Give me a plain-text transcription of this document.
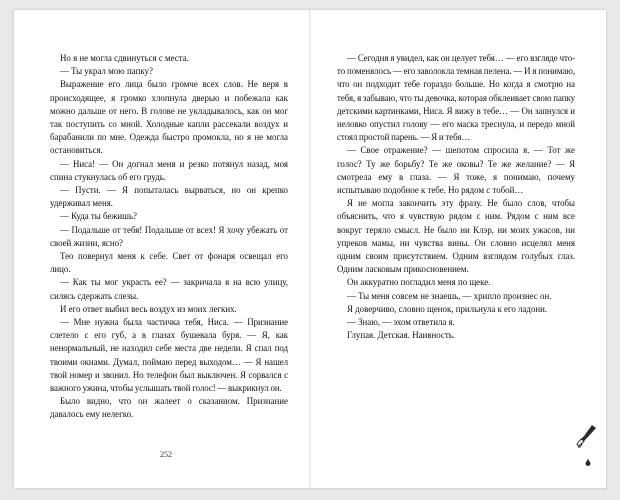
Но я не могла сдвинуться с места.

— Ты украл мою папку?

Выражение его лица было громче всех слов. Не веря в происходящее, я громко хлопнула дверью и побежала как можно дальше от него. В голове не укладывалось, как он мог так поступить со мной. Холодные капли рассекали воздух и барабанили по мне. Одежда быстро промокла, но я не могла остановиться.

— Ниса! — Он догнал меня и резко потянул назад, моя спина стукнулась об его грудь.

— Пусти. — Я попыталась вырваться, но он крепко удерживал меня.

— Куда ты бежишь?

— Подальше от тебя! Подальше от всех! Я хочу убежать от своей жизни, ясно?

Тео повернул меня к себе. Свет от фонаря освещал его лицо.

— Как ты мог украсть ее? — закричала я на всю улицу, силясь сдержать слезы.

И его ответ выбил весь воздух из моих легких.

— Мне нужна была частичка тебя, Ниса. — Признание слетело с его губ, а в глазах бушевала буря. — Я, как ненормальный, не находил себе места две недели. Я спал под твоими окнами. Думал, поймаю перед выходом… — Я нашел твой номер и звонил. Но телефон был выключен. Я сорвался с важного ужина, чтобы услышать твой голос! — выкрикнул он.

Было видно, что он жалеет о сказанном. Признание давалось ему нелегко.

252

— Сегодня я увидел, как он целует тебя… — его взгляде что-то поменялось — его заволокла темная пелена. — И я понимаю, что он подходит тебе гораздо больше. Но когда я смотрю на тебя, я забываю, что ты девочка, которая обклеивает свою папку детскими картинками, Ниса. Я вижу в тебе… — Он запнулся и неловко опустил голову — его маска треснула, и передо мной стоял простой парень. — Я и тебя…

— Свое отражение? — шепотом спросила я. — Тот же голос? Ту же борьбу? Те же оковы? Те же желание? — Я смотрела ему в глаза. — Я тоже, я понимаю, почему испытываю подобное к тебе. Но рядом с тобой…

Я не могла закончить эту фразу. Не было слов, чтобы объяснить, что я чувствую рядом с ним. Рядом с ним все вокруг теряло смысл. Не было ни Клэр, ни моих ужасов, ни упреков мамы, ни чувства вины. Он словно исцелял меня одним своим присутствием. Одним взглядом голубых глаз. Одним ласковым прикосновением.

Он аккуратно погладил меня по щеке.

— Ты меня совсем не знаешь, — хрипло произнес он.

Я доверчиво, словно щенок, прильнула к его ладони.

— Знаю, — эхом ответила я.

Глупая. Детская. Наивность.
